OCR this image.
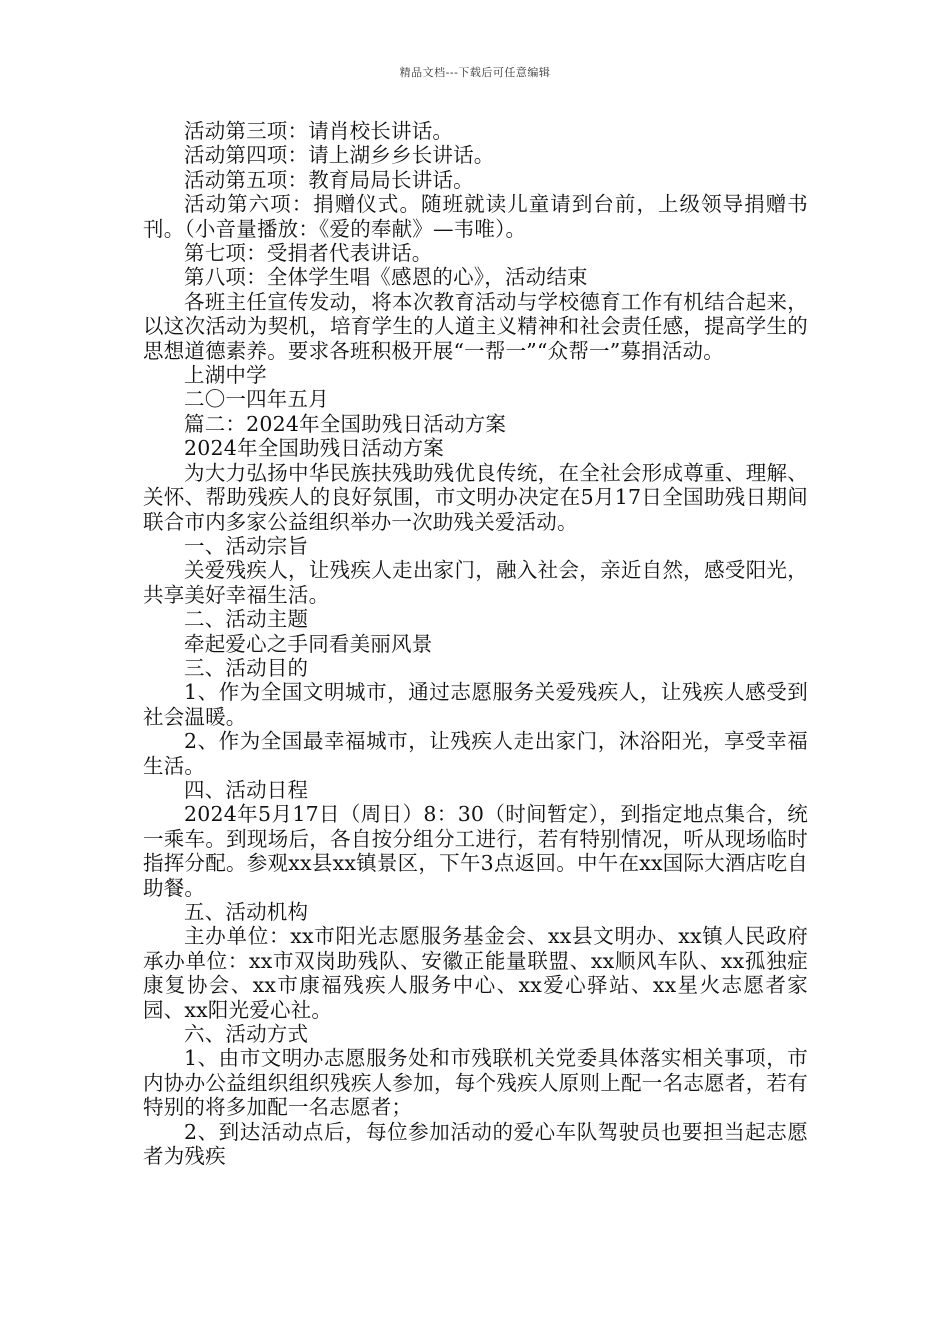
精品文档---下载后可任意编辑

活动第三项：请肖校长讲话。

活动第四项：请上湖乡乡长讲话。

活动第五项：教育局局长讲话。

活动第六项：捐赠仪式。随班就读儿童请到台前，上级领导捐赠书刊。（小音量播放：《爱的奉献》—韦唯）。

第七项：受捐者代表讲话。

第八项：全体学生唱《感恩的心》，活动结束

各班主任宣传发动，将本次教育活动与学校德育工作有机结合起来，以这次活动为契机，培育学生的人道主义精神和社会责任感，提高学生的思想道德素养。要求各班积极开展“一帮一”“众帮一”募捐活动。

上湖中学

二〇一四年五月

篇二：2024年全国助残日活动方案

2024年全国助残日活动方案

为大力弘扬中华民族扶残助残优良传统，在全社会形成尊重、理解、关怀、帮助残疾人的良好氛围，市文明办决定在5月17日全国助残日期间联合市内多家公益组织举办一次助残关爱活动。

一、活动宗旨

关爱残疾人，让残疾人走出家门，融入社会，亲近自然，感受阳光，共享美好幸福生活。

二、活动主题

牵起爱心之手同看美丽风景

三、活动目的

1、作为全国文明城市，通过志愿服务关爱残疾人，让残疾人感受到社会温暖。

2、作为全国最幸福城市，让残疾人走出家门，沐浴阳光，享受幸福生活。

四、活动日程

2024年5月17日（周日）8：30（时间暂定），到指定地点集合，统一乘车。到现场后，各自按分组分工进行，若有特别情况，听从现场临时指挥分配。参观xx县xx镇景区，下午3点返回。中午在xx国际大酒店吃自助餐。

五、活动机构

主办单位：xx市阳光志愿服务基金会、xx县文明办、xx镇人民政府承办单位：xx市双岗助残队、安徽正能量联盟、xx顺风车队、xx孤独症康复协会、xx市康福残疾人服务中心、xx爱心驿站、xx星火志愿者家园、xx阳光爱心社。

六、活动方式

1、由市文明办志愿服务处和市残联机关党委具体落实相关事项，市内协办公益组织组织残疾人参加，每个残疾人原则上配一名志愿者，若有特别的将多加配一名志愿者；

2、到达活动点后，每位参加活动的爱心车队驾驶员也要担当起志愿者为残疾
